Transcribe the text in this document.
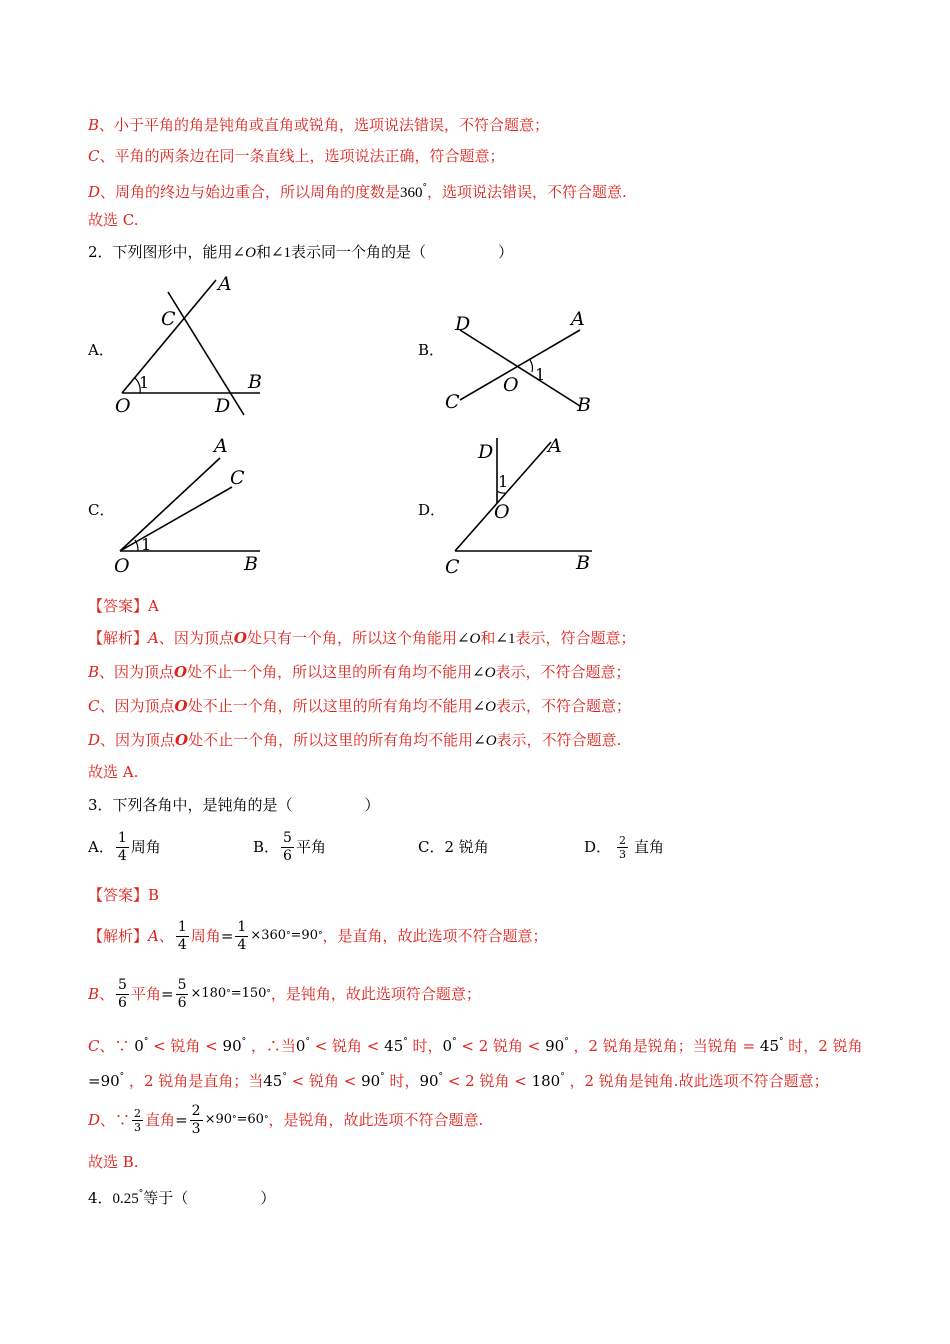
B、小于平角的角是钝角或直角或锐角，选项说法错误，不符合题意；
C、平角的两条边在同一条直线上，选项说法正确，符合题意；
D、周角的终边与始边重合，所以周角的度数是360°，选项说法错误，不符合题意.
故选 C.
2．下列图形中，能用∠O和∠1表示同一个角的是（	）
A．
A
C
O	D
B
1
B．
D	A
C
O
B
1
C．
A
C
O	B
1
D．
D	A
O
C	B
1
【答案】A
【解析】A、因为顶点O处只有一个角，所以这个角能用∠O和∠1表示，符合题意；
B、因为顶点O处不止一个角，所以这里的所有角均不能用∠O表示，不符合题意；
C、因为顶点O处不止一个角，所以这里的所有角均不能用∠O表示，不符合题意；
D、因为顶点O处不止一个角，所以这里的所有角均不能用∠O表示，不符合题意.
故选 A.
3．下列各角中，是钝角的是（	）
A． $\frac{1}{4}$ 周角	B． $\frac{5}{6}$ 平角	C． 2 锐角	D． $\frac{2}{3}$ 直角
【答案】B
【解析】 A 、 $\frac{1}{4}$ 周角 = $\frac{1}{4} \times 360$ ° =90 ° ，是直角，故此选项不符合题意；
B 、 $\frac{5}{6}$ 平角 = $\frac{5}{6} \times 180$ ° =150 ° ，是钝角，故此选项符合题意；
C、∵ 0° < 锐角 < 90° ，∴当0° < 锐角 < 45° 时，0° < 2 锐角 < 90° ，2 锐角是锐角；当锐角 = 45° 时，2 锐角
=90° ，2 锐角是直角；当45° < 锐角 < 90° 时，90° < 2 锐角 < 180° ，2 锐角是钝角.故此选项不符合题意；
D 、∵ $\frac{2}{3}$ 直角 = $\frac{2}{3} \times 90$ ° =60 ° ，是锐角，故此选项不符合题意.
故选 B.
4．0.25°等于（	）
